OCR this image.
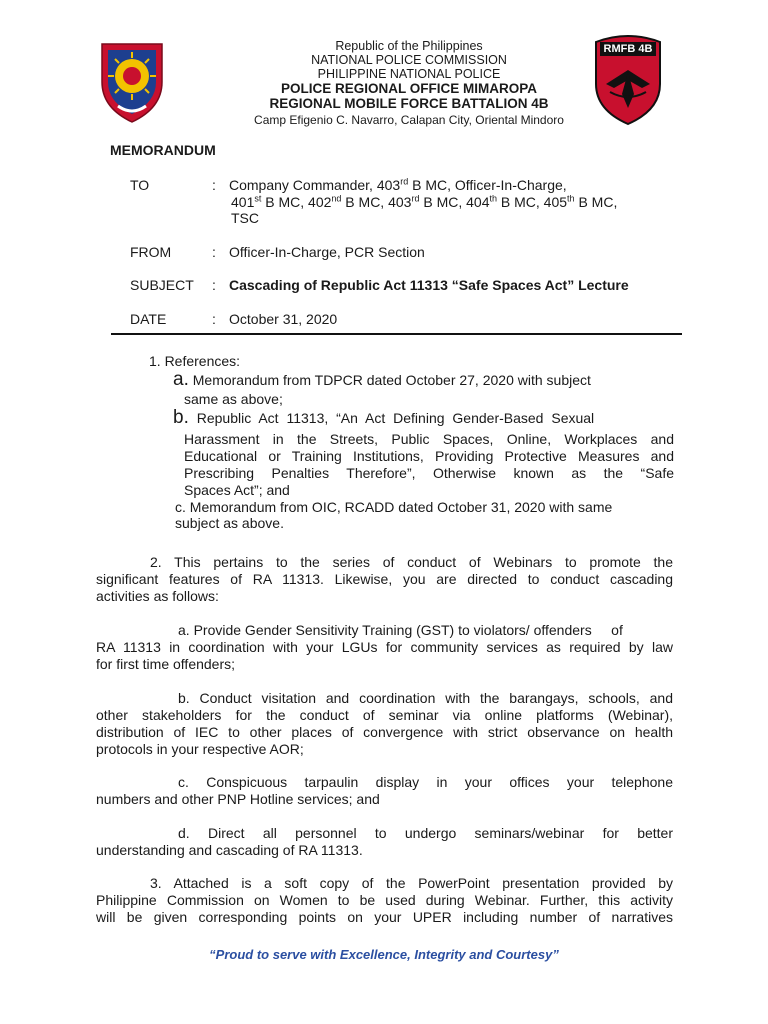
RMFB 4B
Republic of the Philippines
NATIONAL POLICE COMMISSION
PHILIPPINE NATIONAL POLICE
POLICE REGIONAL OFFICE MIMAROPA
REGIONAL MOBILE FORCE BATTALION 4B
Camp Efigenio C. Navarro, Calapan City, Oriental Mindoro
MEMORANDUM
TO	: Company Commander, 403rd B MC, Officer-In-Charge,
401st B MC, 402nd B MC, 403rd B MC, 404th B MC, 405th B MC,
TSC
FROM	: Officer-In-Charge, PCR Section
SUBJECT : Cascading of Republic Act 11313 “Safe Spaces Act” Lecture
DATE	: October 31, 2020
1. References:
a. Memorandum from TDPCR dated October 27, 2020 with subject
same as above;
b. Republic Act 11313, “An Act Defining Gender-Based Sexual
Harassment in the Streets, Public Spaces, Online, Workplaces and
Educational or Training Institutions, Providing Protective Measures and
Prescribing Penalties Therefore”, Otherwise known as the “Safe
Spaces Act”; and
c. Memorandum from OIC, RCADD dated October 31, 2020 with same
subject as above.
2. This pertains to the series of conduct of Webinars to promote the
significant features of RA 11313. Likewise, you are directed to conduct cascading
activities as follows:
a. Provide Gender Sensitivity Training (GST) to violators/ offenders     of
RA 11313 in coordination with your LGUs for community services as required by law
for first time offenders;
b. Conduct visitation and coordination with the barangays, schools, and
other stakeholders for the conduct of seminar via online platforms (Webinar),
distribution of IEC to other places of convergence with strict observance on health
protocols in your respective AOR;
c. Conspicuous tarpaulin display in your offices your telephone
numbers and other PNP Hotline services; and
d. Direct all personnel to undergo seminars/webinar for better
understanding and cascading of RA 11313.
3. Attached is a soft copy of the PowerPoint presentation provided by
Philippine Commission on Women to be used during Webinar. Further, this activity
will be given corresponding points on your UPER including number of narratives
“Proud to serve with Excellence, Integrity and Courtesy”
